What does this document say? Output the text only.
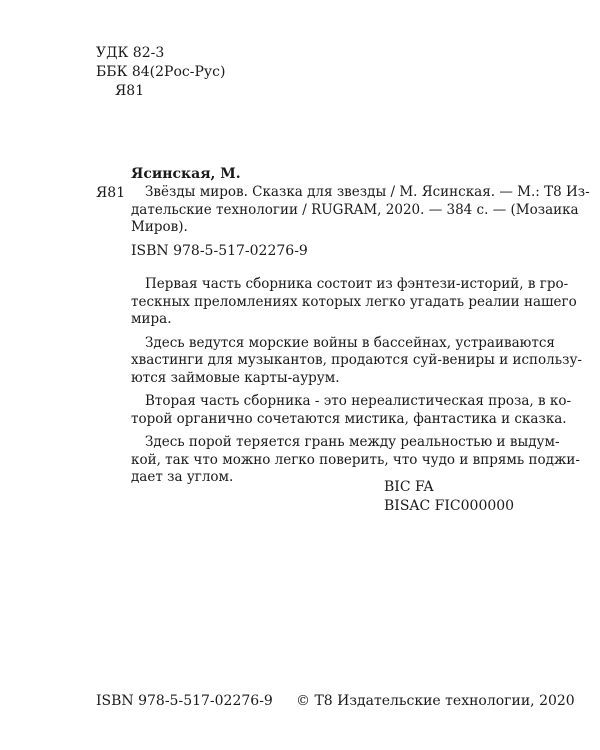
УДК 82-3
ББК 84(2Рос-Рус)
Я81
Ясинская, М.
Я81	Звёзды миров. Сказка для звезды / М. Ясинская. — М.: Т8 Из-
дательские технологии / RUGRAM, 2020. — 384 с. — (Мозаика
Миров).
ISBN 978-5-517-02276-9
Первая часть сборника состоит из фэнтези-историй, в гро-
тескных преломлениях которых легко угадать реалии нашего
мира.
Здесь ведутся морские войны в бассейнах, устраиваются
хвастинги для музыкантов, продаются суй-вениры и использу-
ются займовые карты-аурум.
Вторая часть сборника - это нереалистическая проза, в ко-
торой органично сочетаются мистика, фантастика и сказка.
Здесь порой теряется грань между реальностью и выдум-
кой, так что можно легко поверить, что чудо и впрямь поджи-
дает за углом.
BIC FA
BISAC FIC000000
ISBN 978-5-517-02276-9 © Т8 Издательские технологии, 2020
